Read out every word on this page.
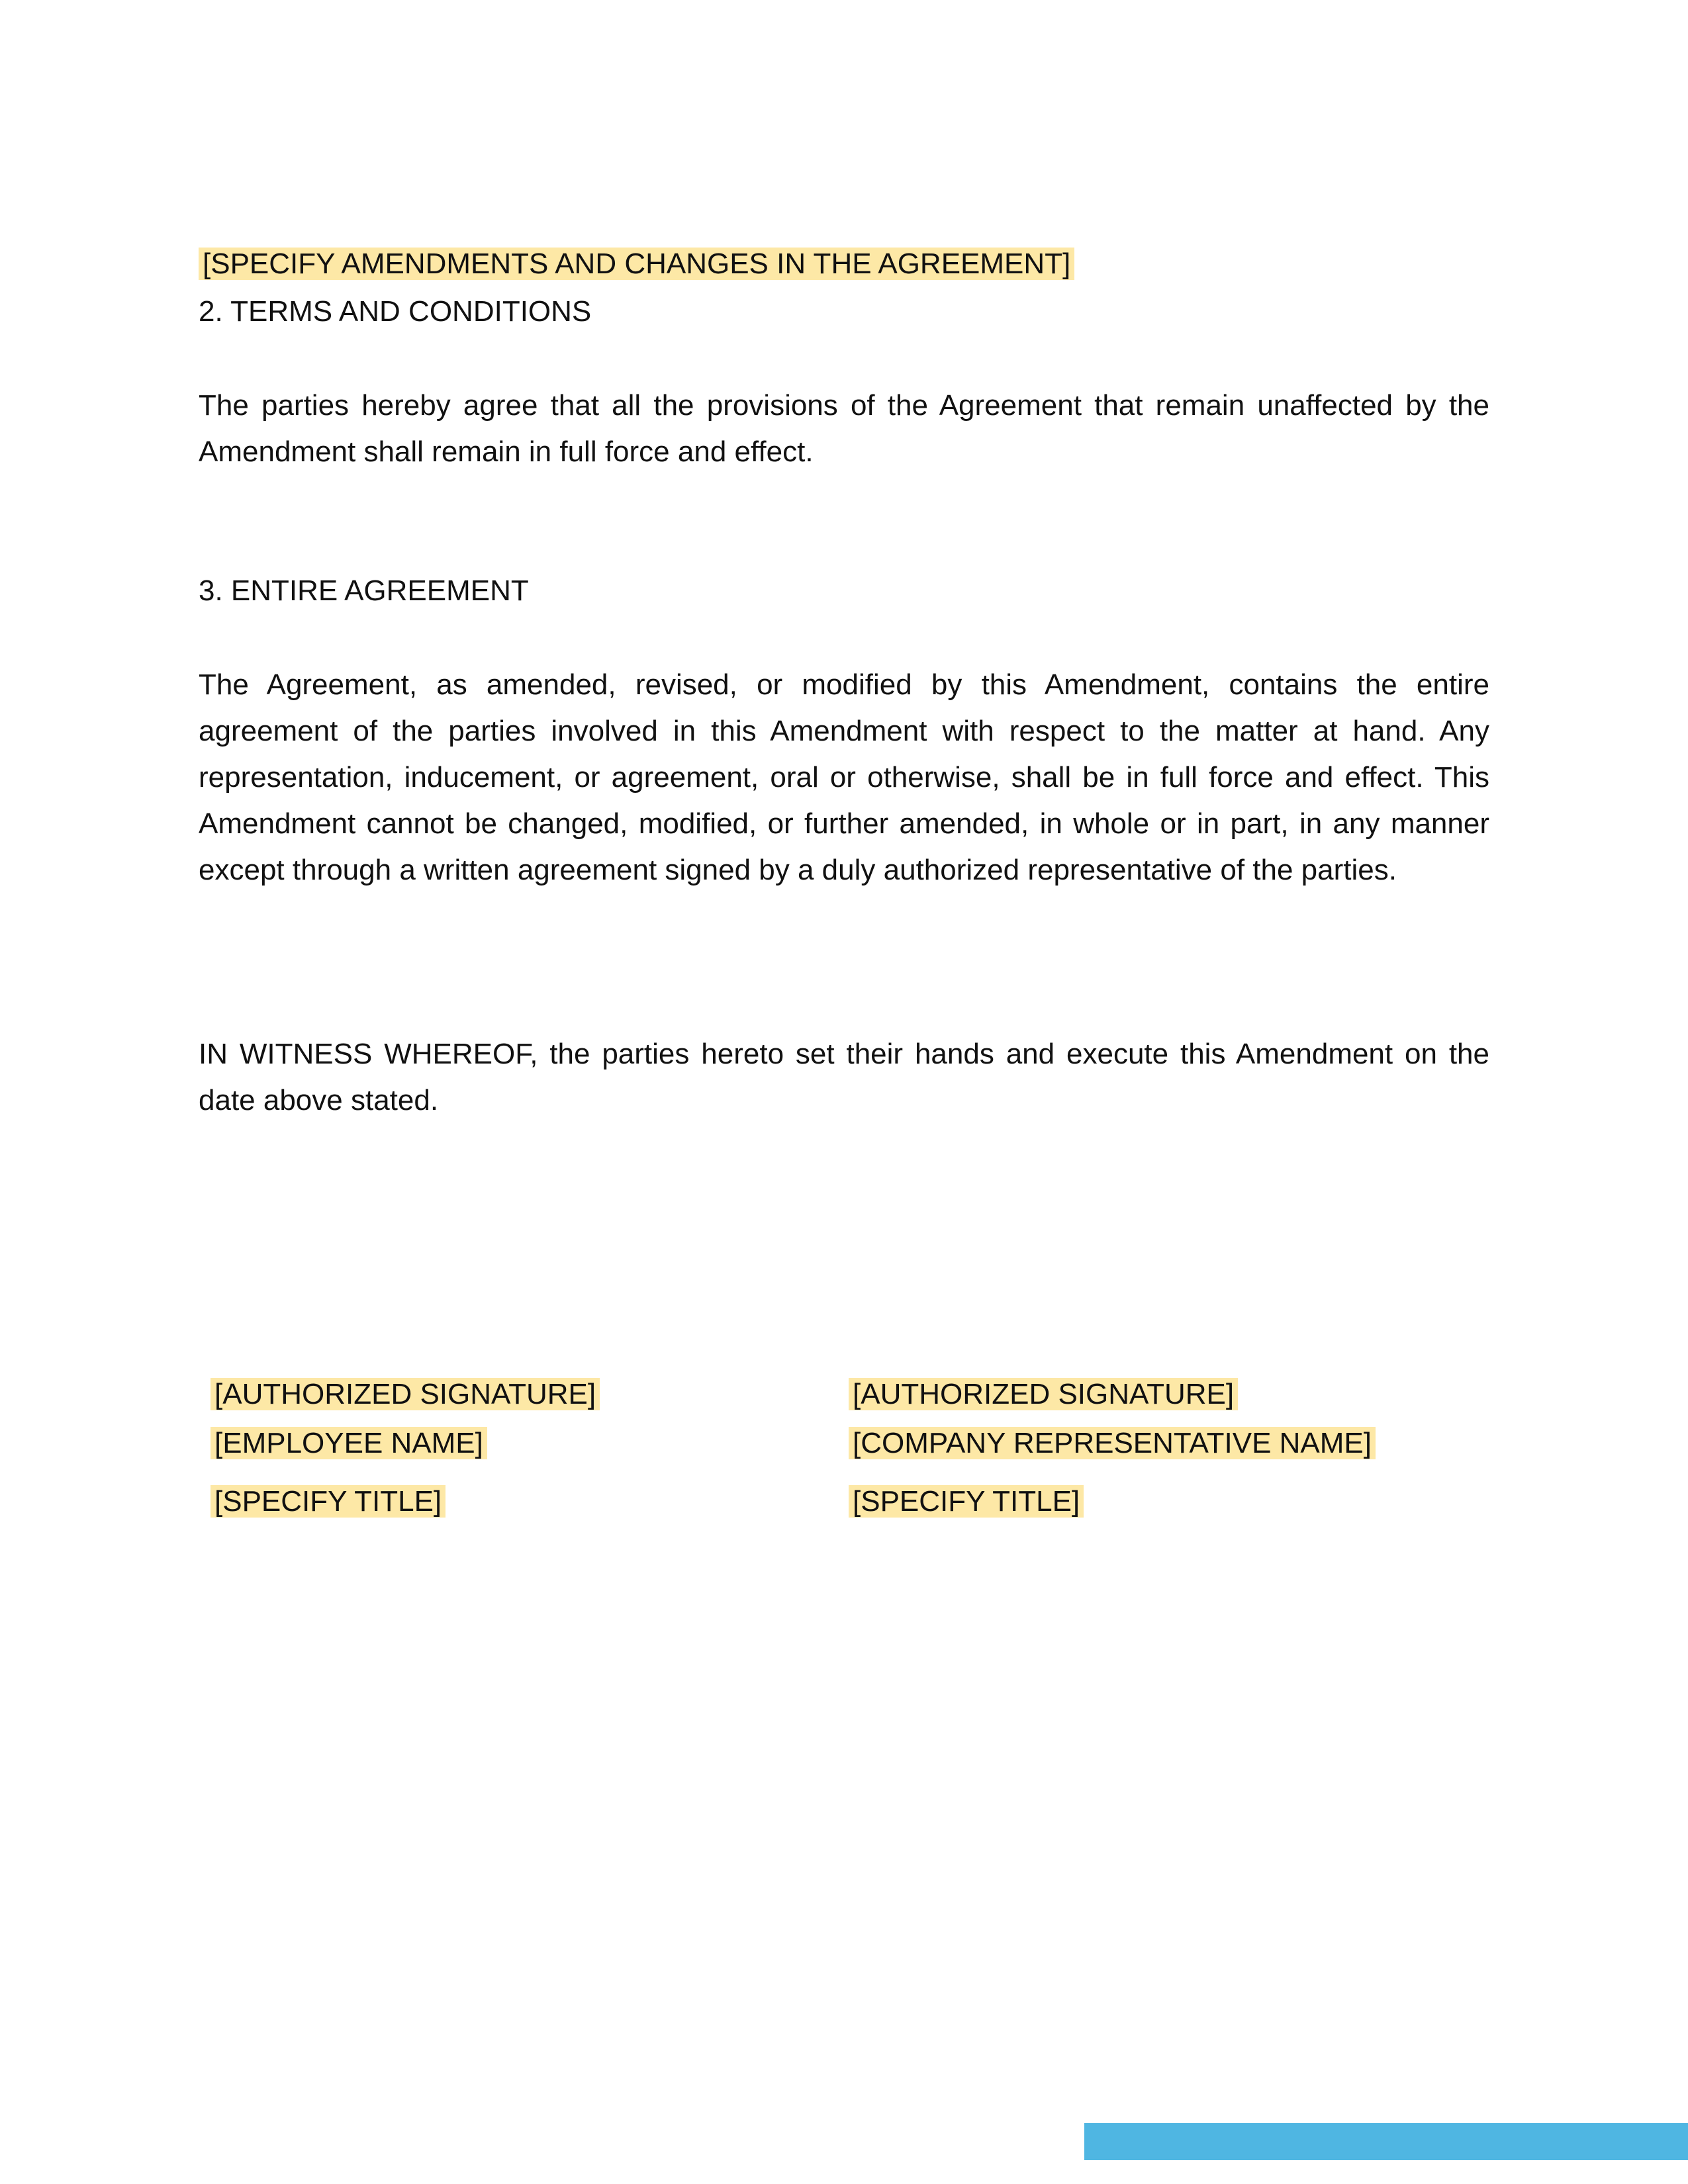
[SPECIFY AMENDMENTS AND CHANGES IN THE AGREEMENT]
2. TERMS AND CONDITIONS
The parties hereby agree that all the provisions of the Agreement that remain unaffected by the Amendment shall remain in full force and effect.
3. ENTIRE AGREEMENT
The Agreement, as amended, revised, or modified by this Amendment, contains the entire agreement of the parties involved in this Amendment with respect to the matter at hand. Any representation, inducement, or agreement, oral or otherwise, shall be in full force and effect. This Amendment cannot be changed, modified, or further amended, in whole or in part, in any manner except through a written agreement signed by a duly authorized representative of the parties.
IN WITNESS WHEREOF, the parties hereto set their hands and execute this Amendment on the date above stated.
[AUTHORIZED SIGNATURE]
[EMPLOYEE NAME]
[SPECIFY TITLE]
[AUTHORIZED SIGNATURE]
[COMPANY REPRESENTATIVE NAME]
[SPECIFY TITLE]
